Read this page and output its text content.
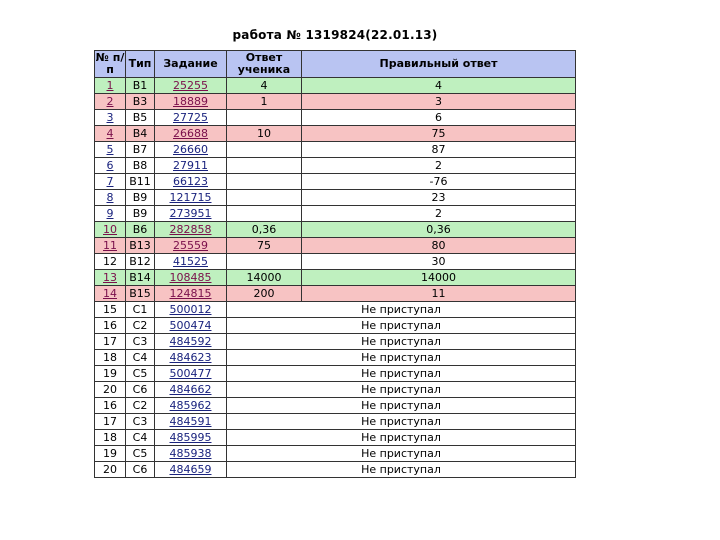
работа № 1319824(22.01.13)
№ п/п	Тип	Задание	Ответ ученика	Правильный ответ
1	B1	25255	4	4
2	B3	18889	1	3
3	B5	27725		6
4	B4	26688	10	75
5	B7	26660		87
6	B8	27911		2
7	B11	66123		-76
8	B9	121715		23
9	B9	273951		2
10	B6	282858	0,36	0,36
11	B13	25559	75	80
12	B12	41525		30
13	B14	108485	14000	14000
14	B15	124815	200	11
15	C1	500012	Не приступал	
16	C2	500474	Не приступал	
17	C3	484592	Не приступал	
18	C4	484623	Не приступал	
19	C5	500477	Не приступал	
20	C6	484662	Не приступал	
16	C2	485962	Не приступал	
17	C3	484591	Не приступал	
18	C4	485995	Не приступал	
19	C5	485938	Не приступал	
20	C6	484659	Не приступал	
